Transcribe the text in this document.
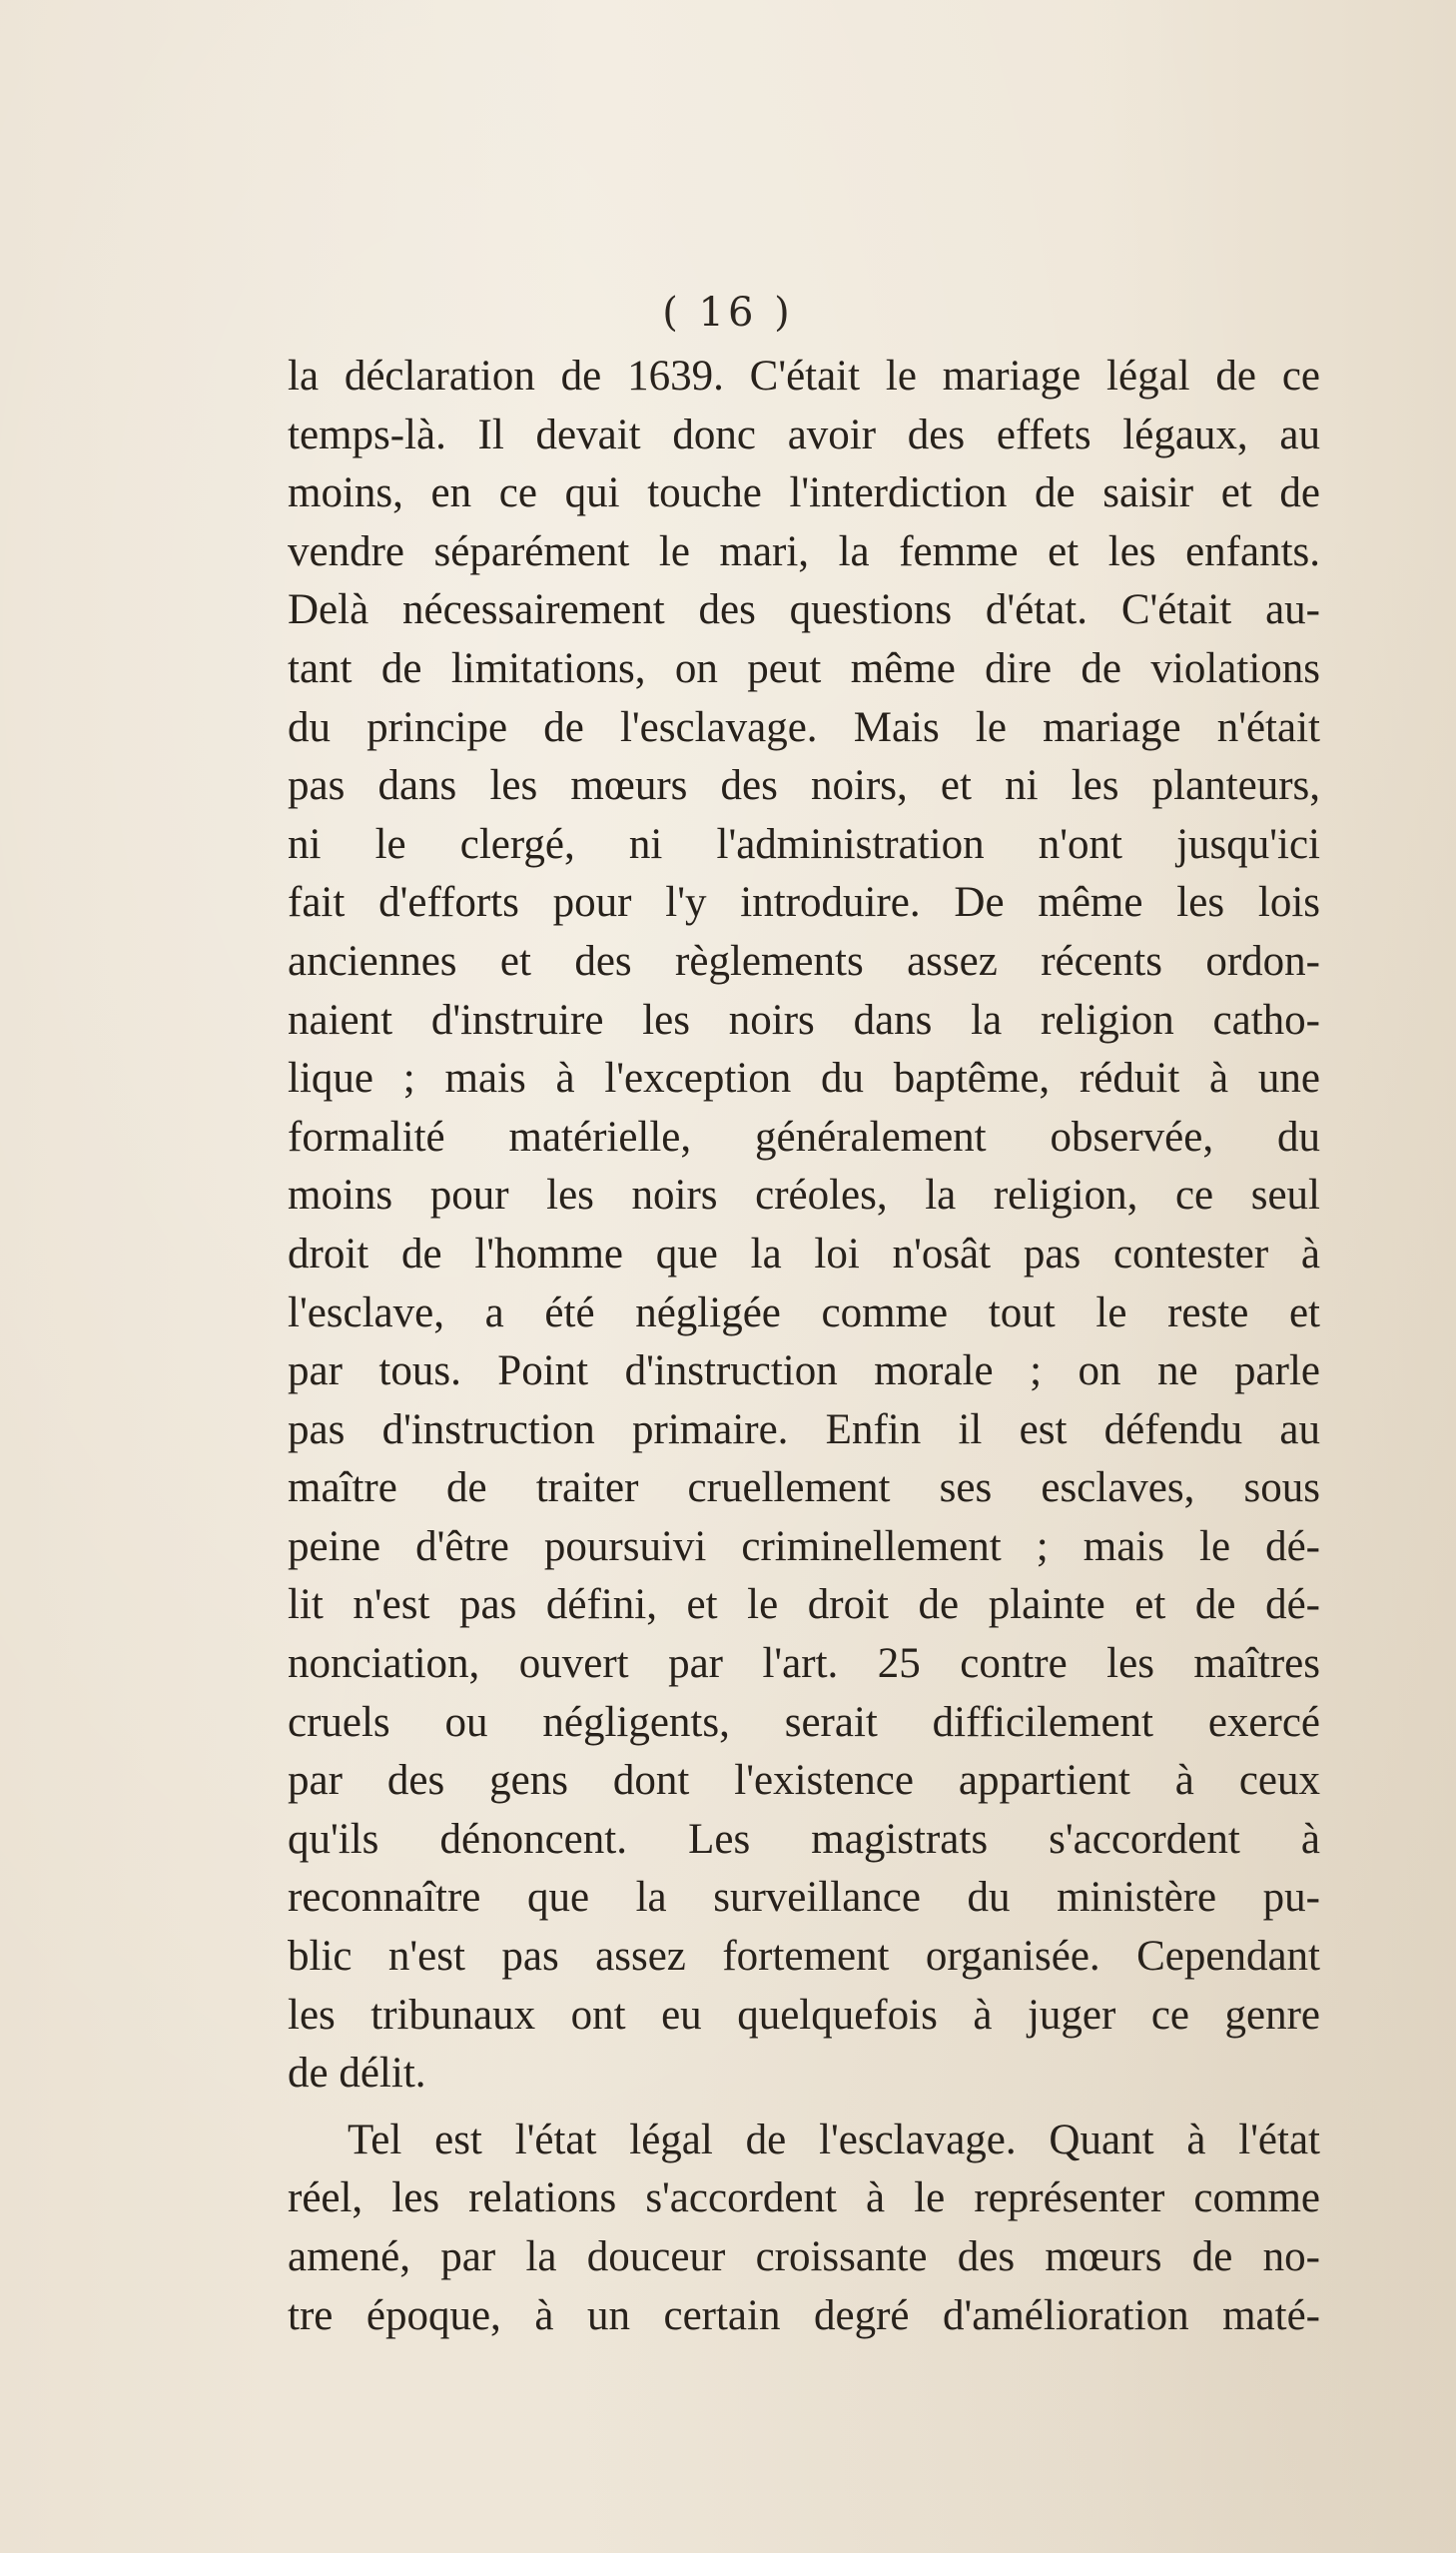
( 16 )
la déclaration de 1639. C'était le mariage légal de ce
temps-là. Il devait donc avoir des effets légaux, au
moins, en ce qui touche l'interdiction de saisir et de
vendre séparément le mari, la femme et les enfants.
Delà nécessairement des questions d'état. C'était au-
tant de limitations, on peut même dire de violations
du principe de l'esclavage. Mais le mariage n'était
pas dans les mœurs des noirs, et ni les planteurs,
ni le clergé, ni l'administration n'ont jusqu'ici
fait d'efforts pour l'y introduire. De même les lois
anciennes et des règlements assez récents ordon-
naient d'instruire les noirs dans la religion catho-
lique ; mais à l'exception du baptême, réduit à une
formalité matérielle, généralement observée, du
moins pour les noirs créoles, la religion, ce seul
droit de l'homme que la loi n'osât pas contester à
l'esclave, a été négligée comme tout le reste et
par tous. Point d'instruction morale ; on ne parle
pas d'instruction primaire. Enfin il est défendu au
maître de traiter cruellement ses esclaves, sous
peine d'être poursuivi criminellement ; mais le dé-
lit n'est pas défini, et le droit de plainte et de dé-
nonciation, ouvert par l'art. 25 contre les maîtres
cruels ou négligents, serait difficilement exercé
par des gens dont l'existence appartient à ceux
qu'ils dénoncent. Les magistrats s'accordent à
reconnaître que la surveillance du ministère pu-
blic n'est pas assez fortement organisée. Cependant
les tribunaux ont eu quelquefois à juger ce genre
de délit.
Tel est l'état légal de l'esclavage. Quant à l'état
réel, les relations s'accordent à le représenter comme
amené, par la douceur croissante des mœurs de no-
tre époque, à un certain degré d'amélioration maté-
